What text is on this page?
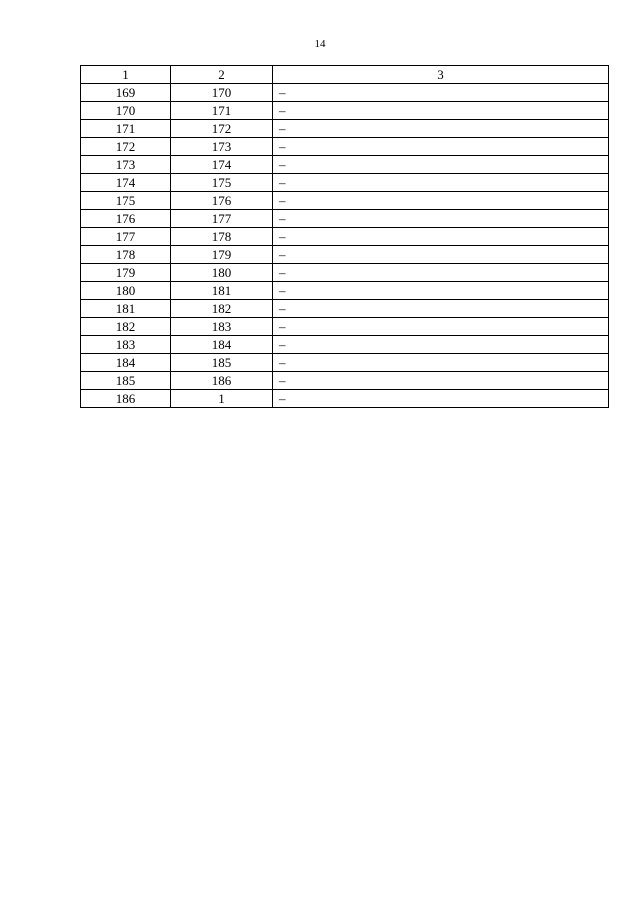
14
1	2	3
169	170	–
170	171	–
171	172	–
172	173	–
173	174	–
174	175	–
175	176	–
176	177	–
177	178	–
178	179	–
179	180	–
180	181	–
181	182	–
182	183	–
183	184	–
184	185	–
185	186	–
186	1	–
